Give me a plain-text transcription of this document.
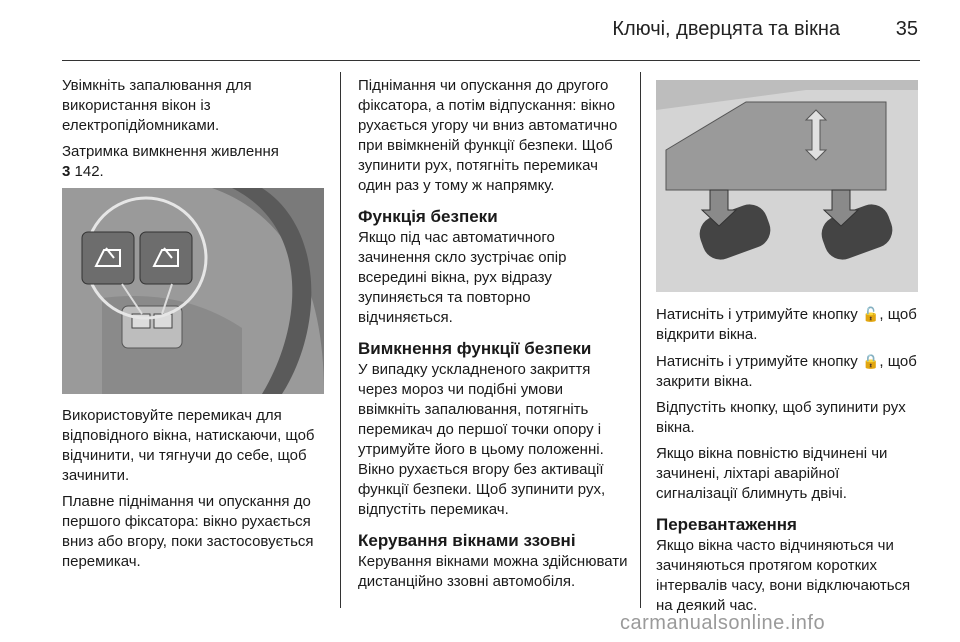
Ключі, дверцята та вікна	35

Увімкніть запалювання для використання вікон із електропідйомниками.

Затримка вимкнення живлення
3 142.

Використовуйте перемикач для відповідного вікна, натискаючи, щоб відчинити, чи тягнучи до себе, щоб зачинити.

Плавне піднімання чи опускання до першого фіксатора: вікно рухається вниз або вгору, поки застосовується перемикач.

Піднімання чи опускання до другого фіксатора, а потім відпускання: вікно рухається угору чи вниз автоматично при ввімкненій функції безпеки. Щоб зупинити рух, потягніть перемикач один раз у тому ж напрямку.

Функція безпеки

Якщо під час автоматичного зачинення скло зустрічає опір всередині вікна, рух відразу зупиняється та повторно відчиняється.

Вимкнення функції безпеки

У випадку ускладненого закриття через мороз чи подібні умови ввімкніть запалювання, потягніть перемикач до першої точки опору і утримуйте його в цьому положенні. Вікно рухається вгору без активації функції безпеки. Щоб зупинити рух, відпустіть перемикач.

Керування вікнами ззовні

Керування вікнами можна здійснювати дистанційно ззовні автомобіля.

Натисніть і утримуйте кнопку 🔓, щоб відкрити вікна.

Натисніть і утримуйте кнопку 🔒, щоб закрити вікна.

Відпустіть кнопку, щоб зупинити рух вікна.

Якщо вікна повністю відчинені чи зачинені, ліхтарі аварійної сигналізації блимнуть двічі.

Перевантаження

Якщо вікна часто відчиняються чи зачиняються протягом коротких інтервалів часу, вони відключаються на деякий час.

carmanualsonline.info
